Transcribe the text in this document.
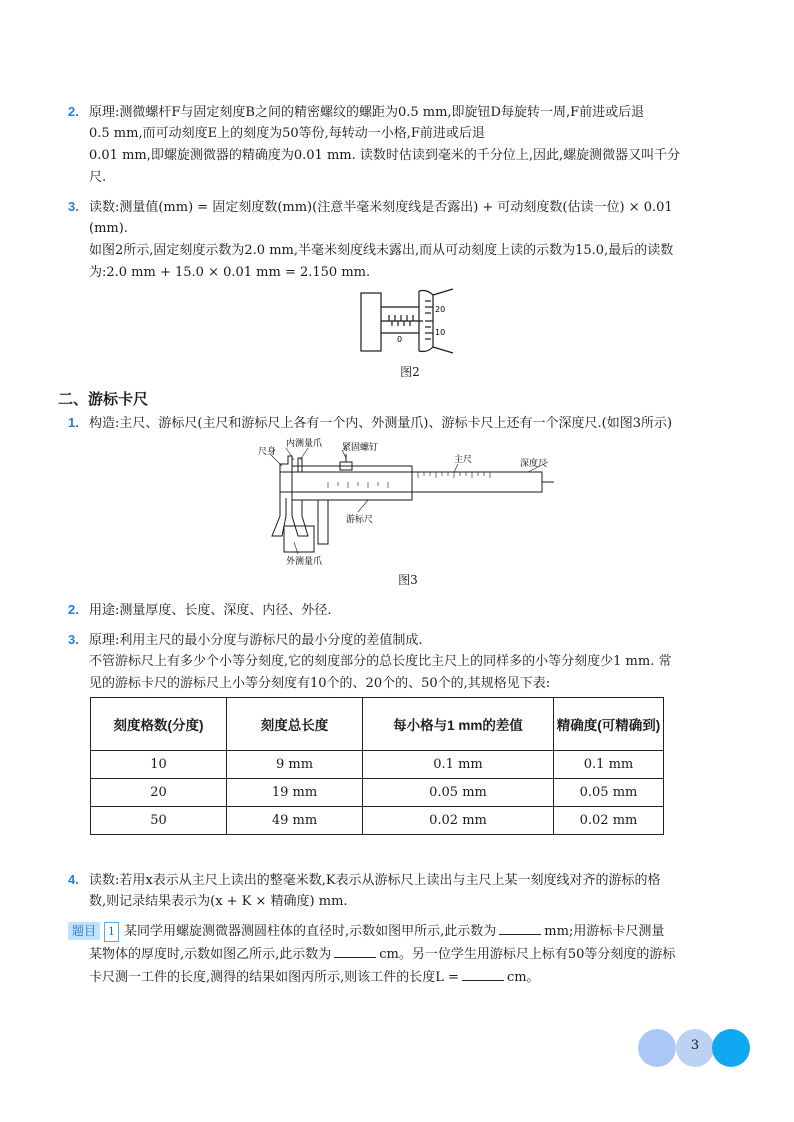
2. 原理:测微螺杆F与固定刻度B之间的精密螺纹的螺距为0.5 mm,即旋钮D每旋转一周,F前进或后退
0.5 mm,而可动刻度E上的刻度为50等份,每转动一小格,F前进或后退
0.01 mm,即螺旋测微器的精确度为0.01 mm. 读数时估读到毫米的千分位上,因此,螺旋测微器又叫千分
尺.
3. 读数:测量值(mm) = 固定刻度数(mm)(注意半毫米刻度线是否露出) + 可动刻度数(估读一位) × 0.01
(mm).
如图2所示,固定刻度示数为2.0 mm,半毫米刻度线未露出,而从可动刻度上读的示数为15.0,最后的读数
为:2.0 mm + 15.0 × 0.01 mm = 2.150 mm.
20
10
0
图2
二、游标卡尺
1. 构造:主尺、游标尺(主尺和游标尺上各有一个内、外测量爪)、游标卡尺上还有一个深度尺.(如图3所示)
内测量爪
尺身	紧固螺钉
主尺	深度尺
游标尺
外测量爪
图3
2. 用途:测量厚度、长度、深度、内径、外径.
3. 原理:利用主尺的最小分度与游标尺的最小分度的差值制成.
不管游标尺上有多少个小等分刻度,它的刻度部分的总长度比主尺上的同样多的小等分刻度少1 mm. 常
见的游标卡尺的游标尺上小等分刻度有10个的、20个的、50个的,其规格见下表:
刻度格数(分度)	刻度总长度	每小格与1 mm的差值	精确度(可精确到)
10	9 mm	0.1 mm	0.1 mm
20	19 mm	0.05 mm	0.05 mm
50	49 mm	0.02 mm	0.02 mm
4. 读数:若用x表示从主尺上读出的整毫米数,K表示从游标尺上读出与主尺上某一刻度线对齐的游标的格
数,则记录结果表示为(x + K × 精确度) mm.
题目 1 某同学用螺旋测微器测圆柱体的直径时,示数如图甲所示,此示数为	mm;用游标卡尺测量
某物体的厚度时,示数如图乙所示,此示数为	cm。另一位学生用游标尺上标有50等分刻度的游标
卡尺测一工件的长度,测得的结果如图丙所示,则该工件的长度L =	cm。
3
